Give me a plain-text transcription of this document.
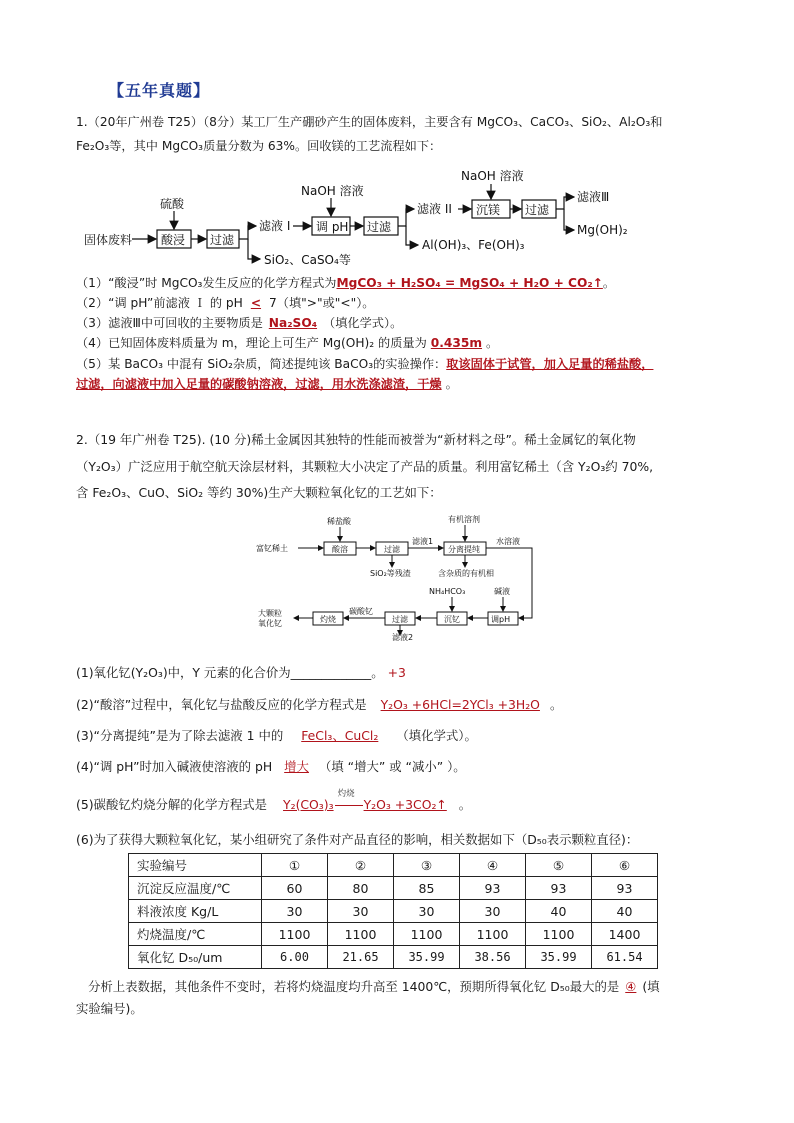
【五年真题】
1.（20年广州卷 T25）（8分）某工厂生产硼砂产生的固体废料，主要含有 MgCO₃、CaCO₃、SiO₂、Al₂O₃和
Fe₂O₃等，其中 MgCO₃质量分数为 63%。回收镁的工艺流程如下：
固体废料
硫酸
酸浸 过滤
滤液 I
SiO₂、CaSO₄等
NaOH 溶液
调 pH 过滤
滤液 II
Al(OH)₃、Fe(OH)₃
NaOH 溶液
沉镁 过滤
滤液Ⅲ
Mg(OH)₂
（1）“酸浸”时 MgCO₃发生反应的化学方程式为MgCO₃ + H₂SO₄ = MgSO₄ + H₂O + CO₂↑。
（2）“调 pH”前滤液 Ｉ 的 pH < 7（填">"或"<"）。
（3）滤液Ⅲ中可回收的主要物质是 Na₂SO₄ （填化学式）。
（4）已知固体废料质量为 m，理论上可生产 Mg(OH)₂ 的质量为 0.435m 。
（5）某 BaCO₃ 中混有 SiO₂杂质，简述提纯该 BaCO₃的实验操作：取该固体于试管，加入足量的稀盐酸，
过滤，向滤液中加入足量的碳酸钠溶液，过滤，用水洗涤滤渣，干燥 。
2.（19 年广州卷 T25). (10 分)稀土金属因其独特的性能而被誉为“新材料之母”。稀土金属钇的氧化物
（Y₂O₃）广泛应用于航空航天涂层材料，其颗粒大小决定了产品的质量。利用富钇稀土（含 Y₂O₃约 70%,
含 Fe₂O₃、CuO、SiO₂ 等约 30%)生产大颗粒氧化钇的工艺如下：
富钇稀土
稀盐酸
酸溶	过滤
滤液1
分离提纯
有机溶剂
水溶液
SiO₂等残渣	含杂质的有机相
NH₄HCO₃	碱液
调pH
沉钇
过滤
碳酸钇
灼烧
大颗粒
氧化钇
滤液2
(1)氧化钇(Y₂O₃)中，Y 元素的化合价为_____________。 +3
(2)“酸溶”过程中，氧化钇与盐酸反应的化学方程式是 Y₂O₃ +6HCl=2YCl₃ +3H₂O 。
(3)“分离提纯”是为了除去滤液 1 中的 FeCl₃、CuCl₂ （填化学式）。
(4)“调 pH”时加入碱液使溶液的 pH 增大 （填 “增大” 或 “减小” ）。
(5)碳酸钇灼烧分解的化学方程式是 Y₂(CO₃)₃
灼烧
Y₂O₃ +3CO₂↑ 。
(6)为了获得大颗粒氧化钇，某小组研究了条件对产品直径的影响，相关数据如下（D₅₀表示颗粒直径)：
实验编号	①	②	③	④	⑤	⑥
沉淀反应温度/℃	60	80	85	93	93	93
料液浓度 Kg/L	30	30	30	30	40	40
灼烧温度/℃	1100	1100	1100	1100	1100	1400
氧化钇 D₅₀/um	6.00	21.65	35.99	38.56	35.99	61.54
分析上表数据，其他条件不变时，若将灼烧温度均升高至 1400℃，预期所得氧化钇 D₅₀最大的是 ④ (填
实验编号)。
